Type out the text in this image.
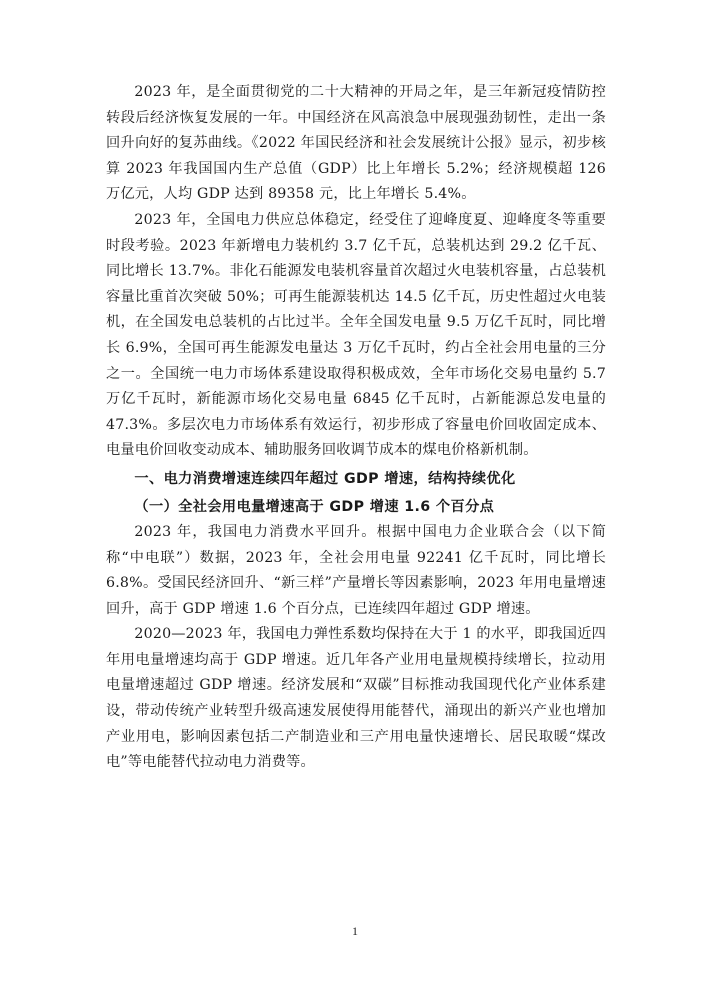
2023 年，是全面贯彻党的二十大精神的开局之年，是三年新冠疫情防控转段后经济恢复发展的一年。中国经济在风高浪急中展现强劲韧性，走出一条回升向好的复苏曲线。《2022 年国民经济和社会发展统计公报》显示，初步核算 2023 年我国国内生产总值（GDP）比上年增长 5.2%；经济规模超 126 万亿元，人均 GDP 达到 89358 元，比上年增长 5.4%。

2023 年，全国电力供应总体稳定，经受住了迎峰度夏、迎峰度冬等重要时段考验。2023 年新增电力装机约 3.7 亿千瓦，总装机达到 29.2 亿千瓦、同比增长 13.7%。非化石能源发电装机容量首次超过火电装机容量，占总装机容量比重首次突破 50%；可再生能源装机达 14.5 亿千瓦，历史性超过火电装机，在全国发电总装机的占比过半。全年全国发电量 9.5 万亿千瓦时，同比增长 6.9%，全国可再生能源发电量达 3 万亿千瓦时，约占全社会用电量的三分之一。全国统一电力市场体系建设取得积极成效，全年市场化交易电量约 5.7 万亿千瓦时，新能源市场化交易电量 6845 亿千瓦时，占新能源总发电量的 47.3%。多层次电力市场体系有效运行，初步形成了容量电价回收固定成本、电量电价回收变动成本、辅助服务回收调节成本的煤电价格新机制。

一、电力消费增速连续四年超过 GDP 增速，结构持续优化

（一）全社会用电量增速高于 GDP 增速 1.6 个百分点

2023 年，我国电力消费水平回升。根据中国电力企业联合会（以下简称“中电联”）数据，2023 年，全社会用电量 92241 亿千瓦时，同比增长 6.8%。受国民经济回升、“新三样”产量增长等因素影响，2023 年用电量增速回升，高于 GDP 增速 1.6 个百分点，已连续四年超过 GDP 增速。

2020—2023 年，我国电力弹性系数均保持在大于 1 的水平，即我国近四年用电量增速均高于 GDP 增速。近几年各产业用电量规模持续增长，拉动用电量增速超过 GDP 增速。经济发展和“双碳”目标推动我国现代化产业体系建设，带动传统产业转型升级高速发展使得用能替代，涌现出的新兴产业也增加产业用电，影响因素包括二产制造业和三产用电量快速增长、居民取暖“煤改电”等电能替代拉动电力消费等。

1
